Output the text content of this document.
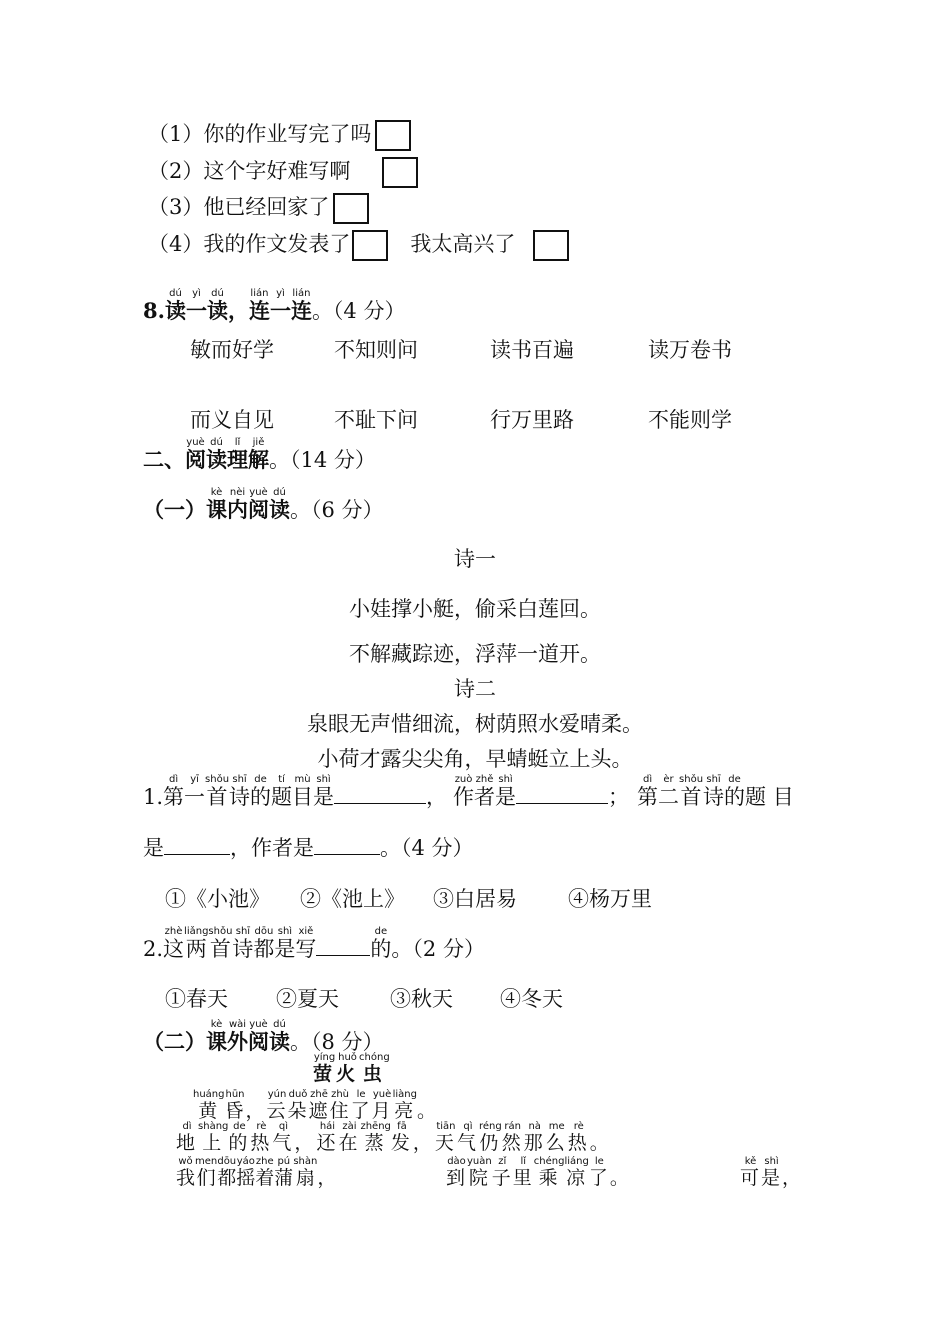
（1）你的作业写完了吗
（2）这个字好难写啊
（3）他已经回家了
（4）我的作文发表了	我太高兴了
8.读dú一yì读dú，连lián一yì连lián。（4 分）
敏而好学	不知则问	读书百遍	读万卷书
而义自见	不耻下问	行万里路	不能则学
二、阅yuè读dú理lǐ解jiě。（14 分）
（一）课kè内nèi阅yuè读dú。（6 分）
诗一
小娃撑小艇，偷采白莲回。
不解藏踪迹，浮萍一道开。
诗二
泉眼无声惜细流，树荫照水爱晴柔。
小荷才露尖尖角，早蜻蜓立上头。
1.第dì一yī首shǒu诗shī的de题tí目mù是shì， 作zuò者zhě是shì； 第dì二èr首shǒu诗shī的de题 目
是	，作者是	。（4 分）
①《小池》 ②《池上》 ③白居易 ④杨万里
2.这zhè两liǎng首shǒu诗shī都dōu是shì写xiě的de。（2 分）
①春天 ②夏天 ③秋天 ④冬天
（二）课kè外wài阅yuè读dú。（8 分）
萤yíng火huǒ虫chóng
黄huáng昏hūn， 云yún朵duǒ遮zhē住zhù了le月yuè亮liàng。
地dì上shàng的de热rè气qì， 还hái在zài蒸zhēng发fā， 天tiān气qì仍réng然rán那nà么me热rè。
我wǒ们men都dōu摇yáo着zhe蒲pú扇shàn，	到dào院yuàn子zǐ里lǐ乘chéng凉liáng了le。	可kě是shì，
